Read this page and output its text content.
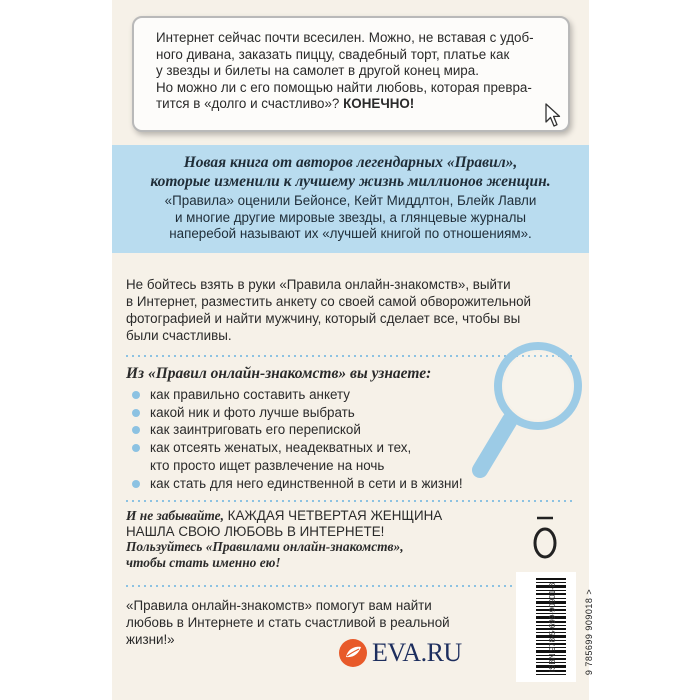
Интернет сейчас почти всесилен. Можно, не вставая с удоб-

ного дивана, заказать пиццу, свадебный торт, платье как

у звезды и билеты на самолет в другой конец мира.

Но можно ли с его помощью найти любовь, которая превра-

тится в «долго и счастливо»? КОНЕЧНО!

Новая книга от авторов легендарных «Правил»,

которые изменили к лучшему жизнь миллионов женщин.

«Правила» оценили Бейонсе, Кейт Миддлтон, Блейк Лавли

и многие другие мировые звезды, а глянцевые журналы

наперебой называют их «лучшей книгой по отношениям».

Не бойтесь взять в руки «Правила онлайн-знакомств», выйти

в Интернет, разместить анкету со своей самой обворожительной

фотографией и найти мужчину, который сделает все, чтобы вы

были счастливы.

Из «Правил онлайн-знакомств» вы узнаете:
как правильно составить анкету
какой ник и фото лучше выбрать
как заинтриговать его перепиской
как отсеять женатых, неадекватных и тех,
кто просто ищет развлечение на ночь
как стать для него единственной в сети и в жизни!

И не забывайте, КАЖДАЯ ЧЕТВЕРТАЯ ЖЕНЩИНА

НАШЛА СВОЮ ЛЮБОВЬ В ИНТЕРНЕТЕ!

Пользуйтесь «Правилами онлайн-знакомств»,

чтобы стать именно ею!

«Правила онлайн-знакомств» помогут вам найти

любовь в Интернете и стать счастливой в реальной

жизни!»	ISBN 978-5-699-90901-8	9 785699 909018 >
EVA.RU
